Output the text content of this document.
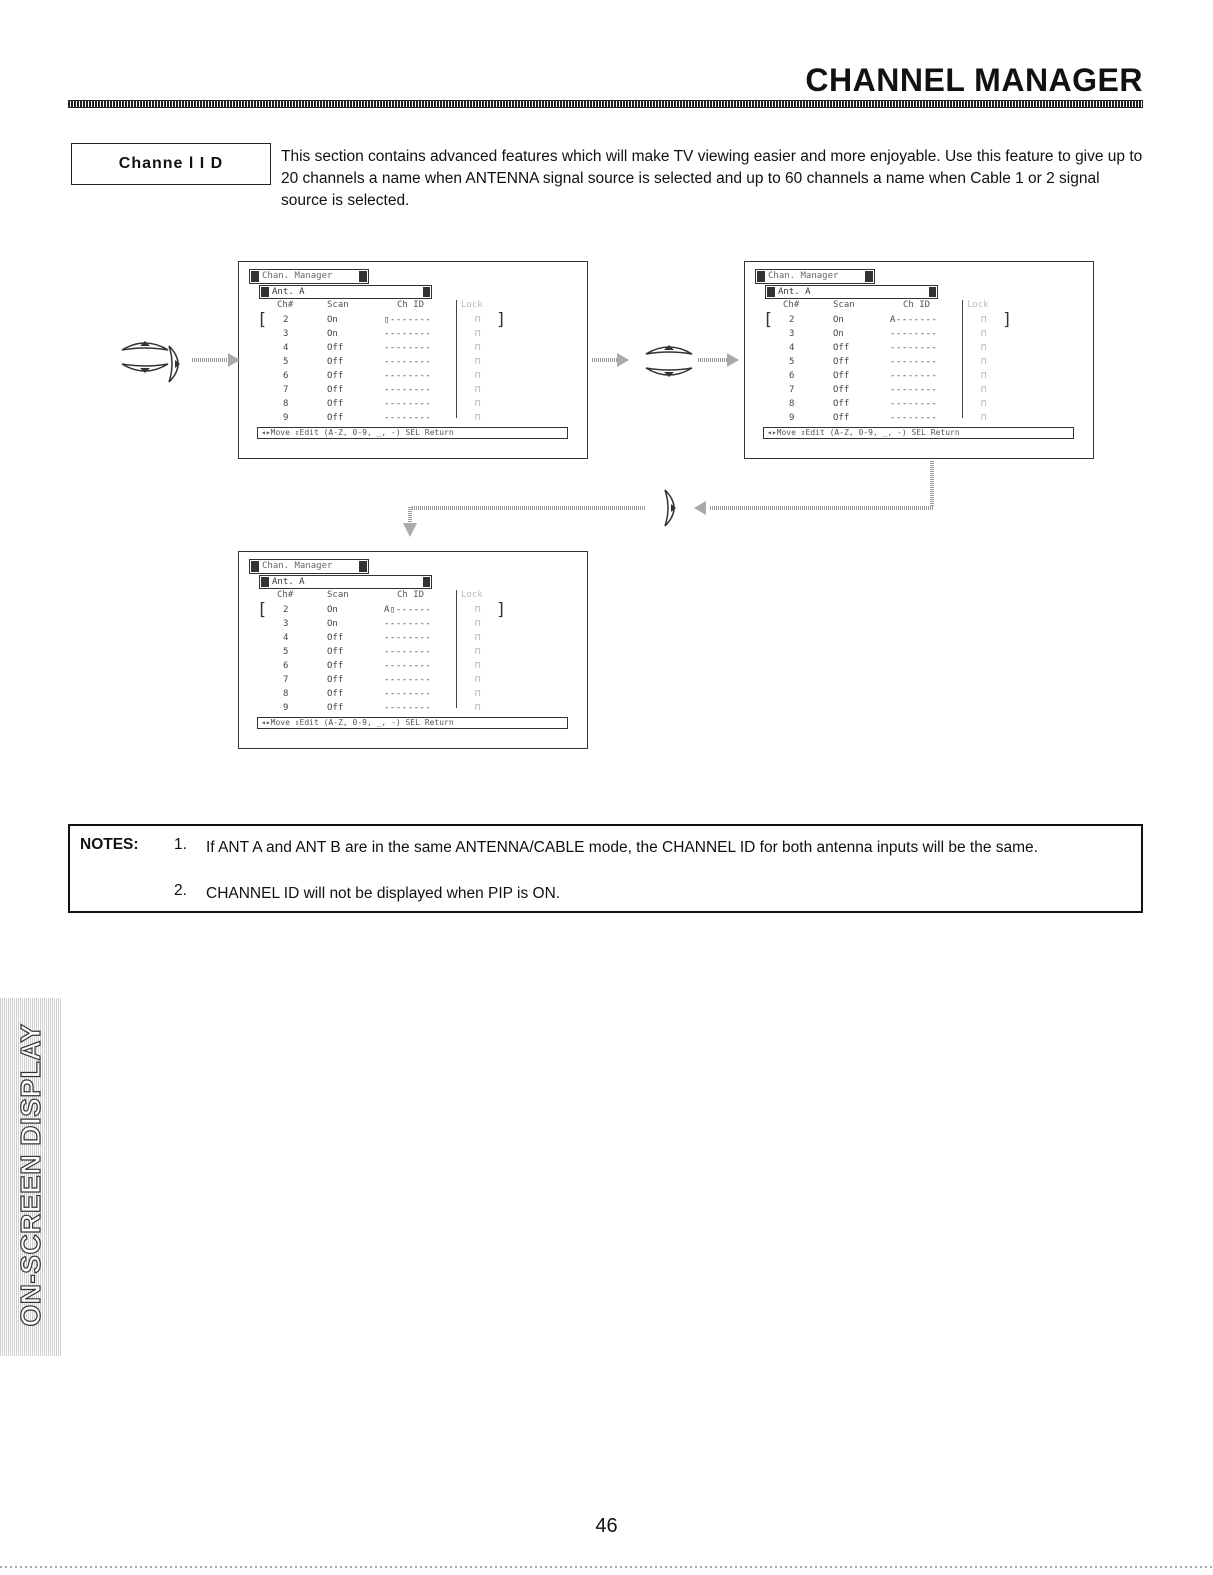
CHANNEL MANAGER
Channe l I D	This section contains advanced features which will make TV viewing easier and more enjoyable. Use this feature to give up to 20 channels a name when ANTENNA signal source is selected and up to 60 channels a name when Cable 1 or 2 signal source is selected.
Chan. Manager
Ant. A
Ch#	Scan	Ch ID	Lock
[	]
2	On	▯-------	⊓
3	On	--------	⊓
4	Off	--------	⊓
5	Off	--------	⊓
6	Off	--------	⊓
7	Off	--------	⊓
8	Off	--------	⊓
9	Off	--------	⊓
◂▸Move ⇕Edit (A-Z, 0-9, _, -) SEL Return
Chan. Manager
Ant. A
Ch#	Scan	Ch ID	Lock
[	]
2	On	A-------	⊓
3	On	--------	⊓
4	Off	--------	⊓
5	Off	--------	⊓
6	Off	--------	⊓
7	Off	--------	⊓
8	Off	--------	⊓
9	Off	--------	⊓
◂▸Move ⇕Edit (A-Z, 0-9, _, -) SEL Return
Chan. Manager
Ant. A
Ch#	Scan	Ch ID	Lock
[	]
2	On	A▯------	⊓
3	On	--------	⊓
4	Off	--------	⊓
5	Off	--------	⊓
6	Off	--------	⊓
7	Off	--------	⊓
8	Off	--------	⊓
9	Off	--------	⊓
◂▸Move ⇕Edit (A-Z, 0-9, _, -) SEL Return
NOTES: 1. If ANT A and ANT B are in the same ANTENNA/CABLE mode, the CHANNEL ID for both antenna inputs will be the same.
2. CHANNEL ID will not be displayed when PIP is ON.
ON-SCREEN DISPLAY
46
